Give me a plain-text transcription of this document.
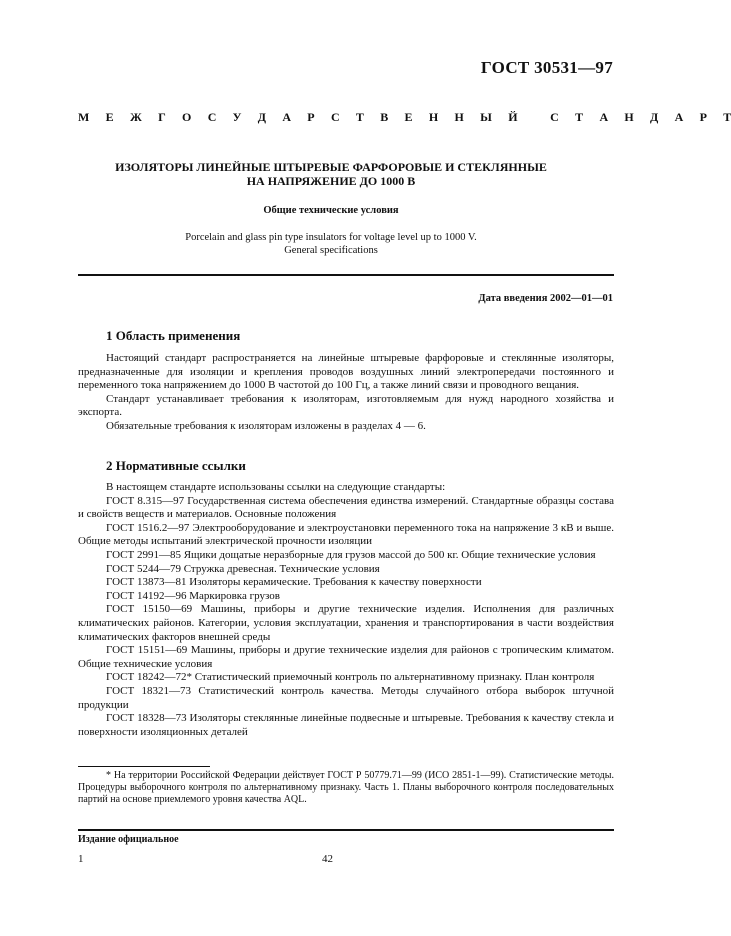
ГОСТ 30531—97
М Е Ж Г О С У Д А Р С Т В Е Н Н Ы Й	С Т А Н Д А Р Т
ИЗОЛЯТОРЫ ЛИНЕЙНЫЕ ШТЫРЕВЫЕ ФАРФОРОВЫЕ И СТЕКЛЯННЫЕ
НА НАПРЯЖЕНИЕ ДО 1000 В
Общие технические условия
Porcelain and glass pin type insulators for voltage level up to 1000 V.
General specifications
Дата введения 2002—01—01
1 Область применения

Настоящий стандарт распространяется на линейные штыревые фарфоровые и стеклянные изоляторы, предназначенные для изоляции и крепления проводов воздушных линий электропередачи постоянного и переменного тока напряжением до 1000 В частотой до 100 Гц, а также линий связи и проводного вещания.

Стандарт устанавливает требования к изоляторам, изготовляемым для нужд народного хозяйства и экспорта.

Обязательные требования к изоляторам изложены в разделах 4 — 6.

2 Нормативные ссылки

В настоящем стандарте использованы ссылки на следующие стандарты:

ГОСТ 8.315—97 Государственная система обеспечения единства измерений. Стандартные образцы состава и свойств веществ и материалов. Основные положения

ГОСТ 1516.2—97 Электрооборудование и электроустановки переменного тока на напряжение 3 кВ и выше. Общие методы испытаний электрической прочности изоляции

ГОСТ 2991—85 Ящики дощатые неразборные для грузов массой до 500 кг. Общие технические условия

ГОСТ 5244—79 Стружка древесная. Технические условия

ГОСТ 13873—81 Изоляторы керамические. Требования к качеству поверхности

ГОСТ 14192—96 Маркировка грузов

ГОСТ 15150—69 Машины, приборы и другие технические изделия. Исполнения для различных климатических районов. Категории, условия эксплуатации, хранения и транспортирования в части воздействия климатических факторов внешней среды

ГОСТ 15151—69 Машины, приборы и другие технические изделия для районов с тропическим климатом. Общие технические условия

ГОСТ 18242—72* Статистический приемочный контроль по альтернативному признаку. План контроля

ГОСТ 18321—73 Статистический контроль качества. Методы случайного отбора выборок штучной продукции

ГОСТ 18328—73 Изоляторы стеклянные линейные подвесные и штыревые. Требования к качеству стекла и поверхности изоляционных деталей

* На территории Российской Федерации действует ГОСТ Р 50779.71—99 (ИСО 2851-1—99). Статистические методы. Процедуры выборочного контроля по альтернативному признаку. Часть 1. Планы выборочного контроля последовательных партий на основе приемлемого уровня качества AQL.

Издание официальное
1	42
